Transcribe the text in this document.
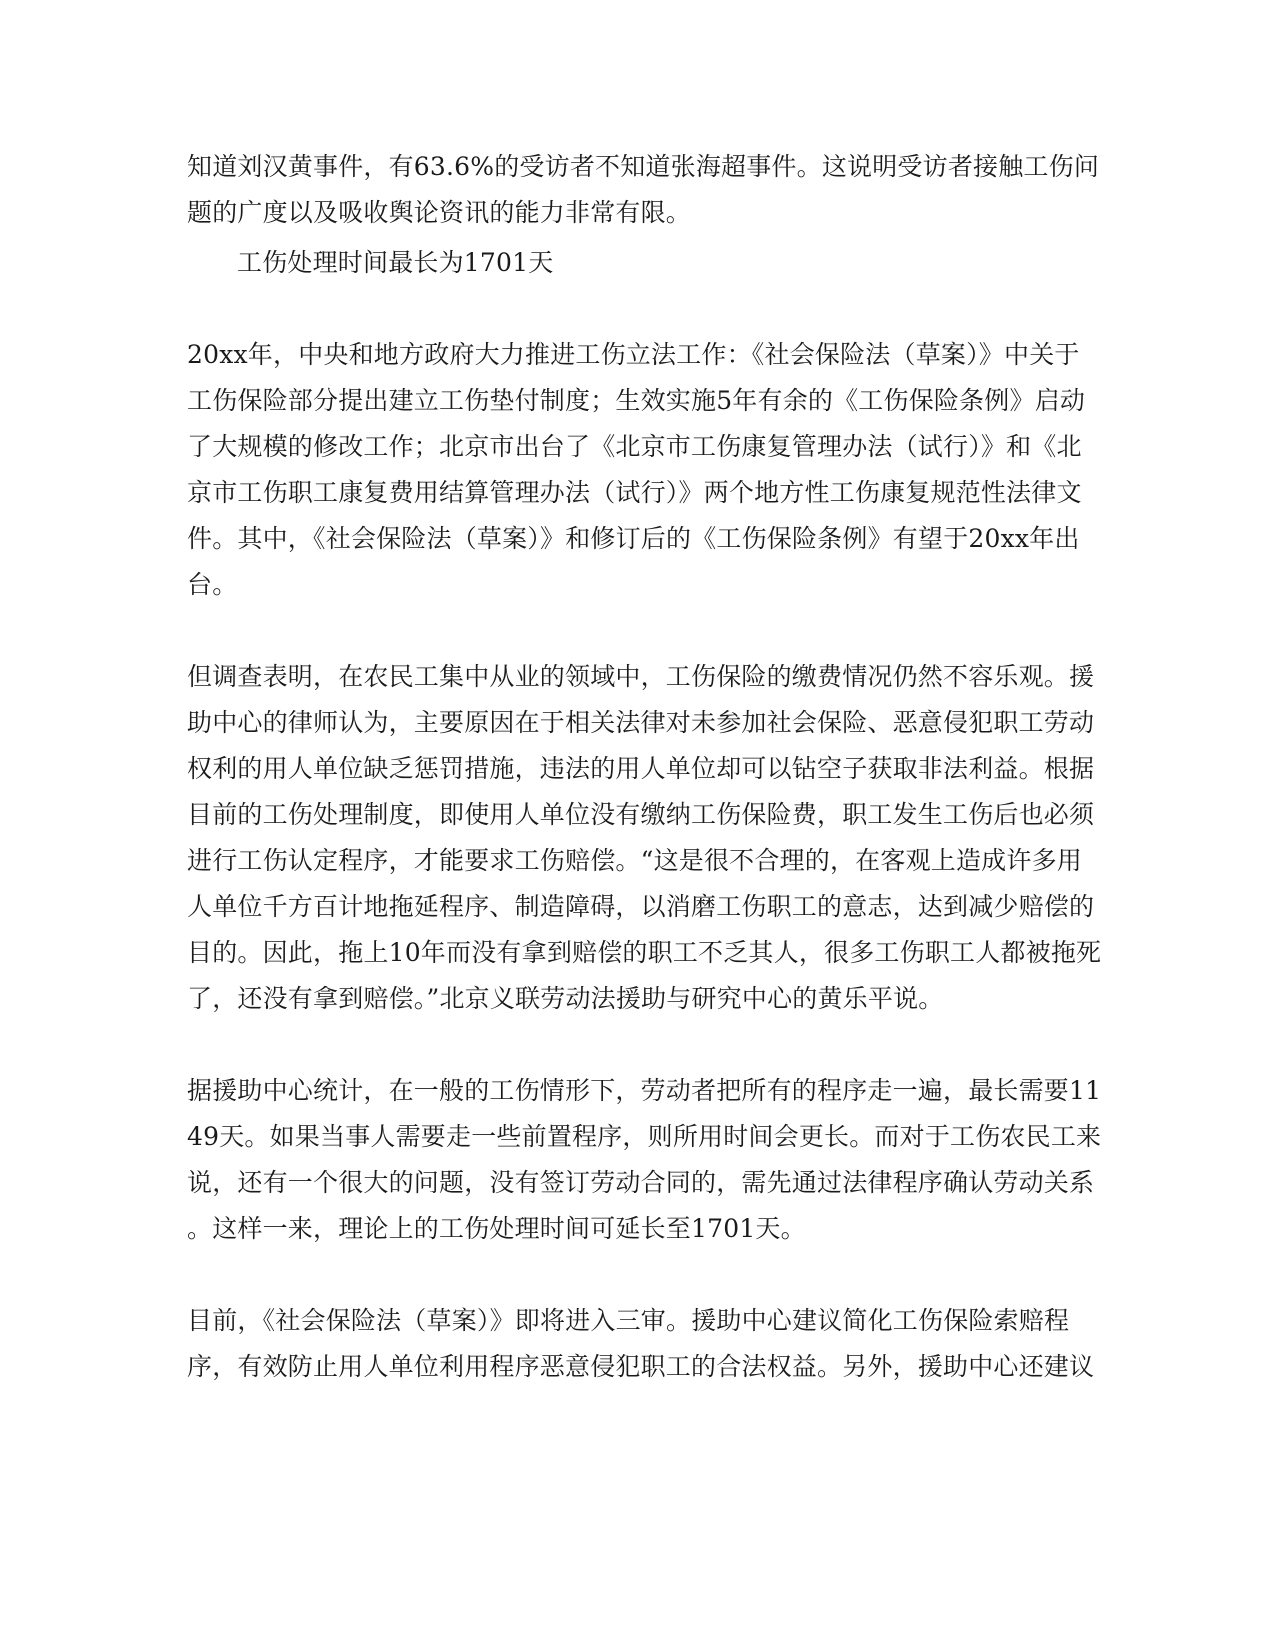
知道刘汉黄事件，有63.6%的受访者不知道张海超事件。这说明受访者接触工伤问
题的广度以及吸收舆论资讯的能力非常有限。
工伤处理时间最长为1701天
20xx年，中央和地方政府大力推进工伤立法工作：《社会保险法（草案）》中关于
工伤保险部分提出建立工伤垫付制度；生效实施5年有余的《工伤保险条例》启动
了大规模的修改工作；北京市出台了《北京市工伤康复管理办法（试行）》和《北
京市工伤职工康复费用结算管理办法（试行）》两个地方性工伤康复规范性法律文
件。其中，《社会保险法（草案）》和修订后的《工伤保险条例》有望于20xx年出
台。
但调查表明，在农民工集中从业的领域中，工伤保险的缴费情况仍然不容乐观。援
助中心的律师认为，主要原因在于相关法律对未参加社会保险、恶意侵犯职工劳动
权利的用人单位缺乏惩罚措施，违法的用人单位却可以钻空子获取非法利益。根据
目前的工伤处理制度，即使用人单位没有缴纳工伤保险费，职工发生工伤后也必须
进行工伤认定程序，才能要求工伤赔偿。“这是很不合理的，在客观上造成许多用
人单位千方百计地拖延程序、制造障碍，以消磨工伤职工的意志，达到减少赔偿的
目的。因此，拖上10年而没有拿到赔偿的职工不乏其人，很多工伤职工人都被拖死
了，还没有拿到赔偿。”北京义联劳动法援助与研究中心的黄乐平说。
据援助中心统计，在一般的工伤情形下，劳动者把所有的程序走一遍，最长需要11
49天。如果当事人需要走一些前置程序，则所用时间会更长。而对于工伤农民工来
说，还有一个很大的问题，没有签订劳动合同的，需先通过法律程序确认劳动关系
。这样一来，理论上的工伤处理时间可延长至1701天。
目前，《社会保险法（草案）》即将进入三审。援助中心建议简化工伤保险索赔程
序，有效防止用人单位利用程序恶意侵犯职工的合法权益。另外，援助中心还建议
